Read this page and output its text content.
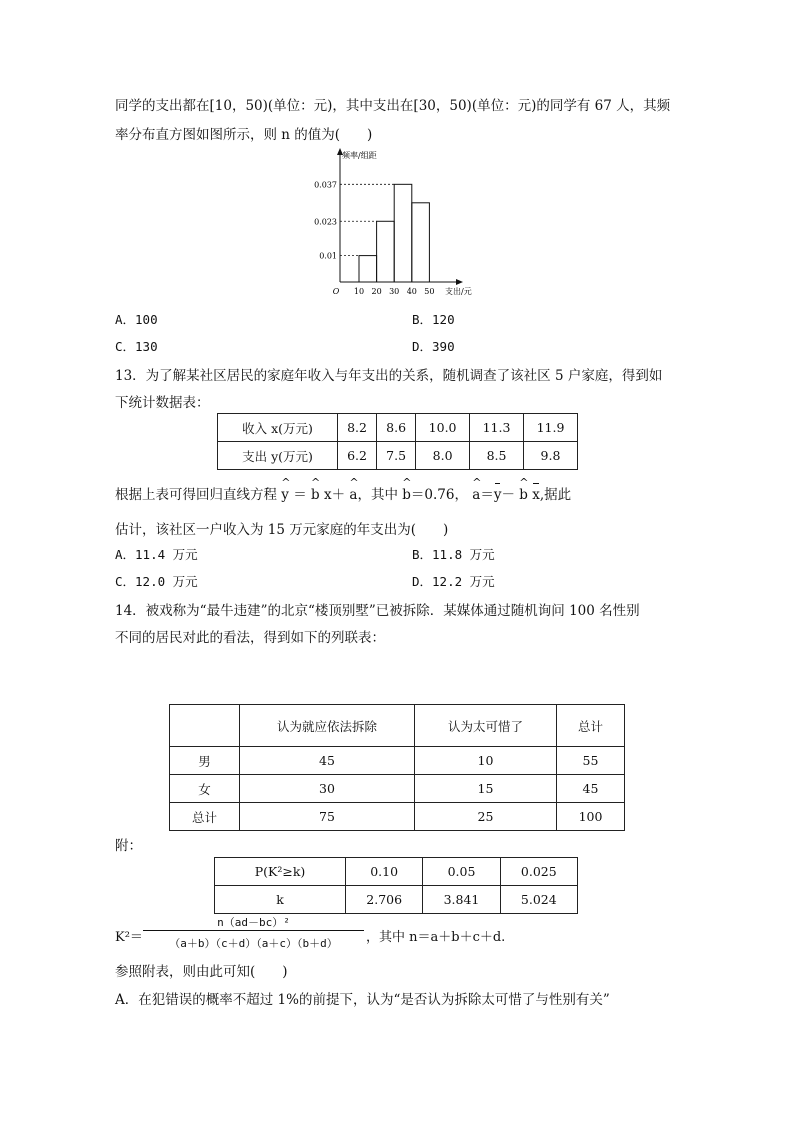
同学的支出都在[10，50)(单位：元)，其中支出在[30，50)(单位：元)的同学有 67 人，其频
率分布直方图如图所示，则 n 的值为(　　)
0.01
0.023
0.037
10 20 30 40 50
O
频率/组距
支出/元
A．100	B．120
C．130	D．390
13．为了解某社区居民的家庭年收入与年支出的关系，随机调查了该社区 5 户家庭，得到如
下统计数据表：
收入 x(万元)	8.2	8.6	10.0	11.3	11.9
支出 y(万元)	6.2	7.5	8.0	8.5	9.8
根据上表可得回归直线方程 ^ y ＝ ^ b x＋ ^ a，其中 ^ b＝0.76， ^ a＝y－ ^ b x,据此
估计，该社区一户收入为 15 万元家庭的年支出为(　　)
A．11.4 万元	B．11.8 万元
C．12.0 万元	D．12.2 万元
14．被戏称为“最牛违建”的北京“楼顶别墅”已被拆除．某媒体通过随机询问 100 名性别
不同的居民对此的看法，得到如下的列联表：
	认为就应依法拆除	认为太可惜了	总计
男	45	10	55
女	30	15	45
总计	75	25	100
附：
P(K²≥k)	0.10	0.05	0.025
k	2.706	3.841	5.024
K²＝
n（ad－bc）²
（a＋b）（c＋d）（a＋c）（b＋d）	，其中 n＝a＋b＋c＋d.
参照附表，则由此可知(　　)
A．在犯错误的概率不超过 1%的前提下，认为“是否认为拆除太可惜了与性别有关”
